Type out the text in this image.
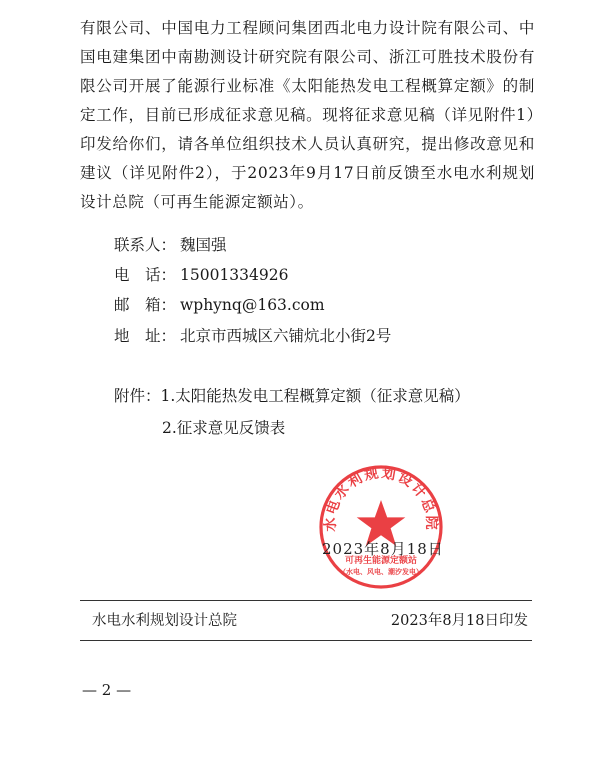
有限公司、中国电力工程顾问集团西北电力设计院有限公司、中国电建集团中南勘测设计研究院有限公司、浙江可胜技术股份有限公司开展了能源行业标准《太阳能热发电工程概算定额》的制定工作，目前已形成征求意见稿。现将征求意见稿（详见附件1）印发给你们，请各单位组织技术人员认真研究，提出修改意见和建议（详见附件2），于2023年9月17日前反馈至水电水利规划设计总院（可再生能源定额站）。

联系人： 魏国强
电　话： 15001334926
邮　箱： wphynq@163.com
地　址： 北京市西城区六铺炕北小街2号
附件：1.太阳能热发电工程概算定额（征求意见稿）
2.征求意见反馈表
水电水利规划设计总院
可再生能源定额站
（水电、风电、潮汐发电）
2023年8月18日
水电水利规划设计总院	2023年8月18日印发
— 2 —
